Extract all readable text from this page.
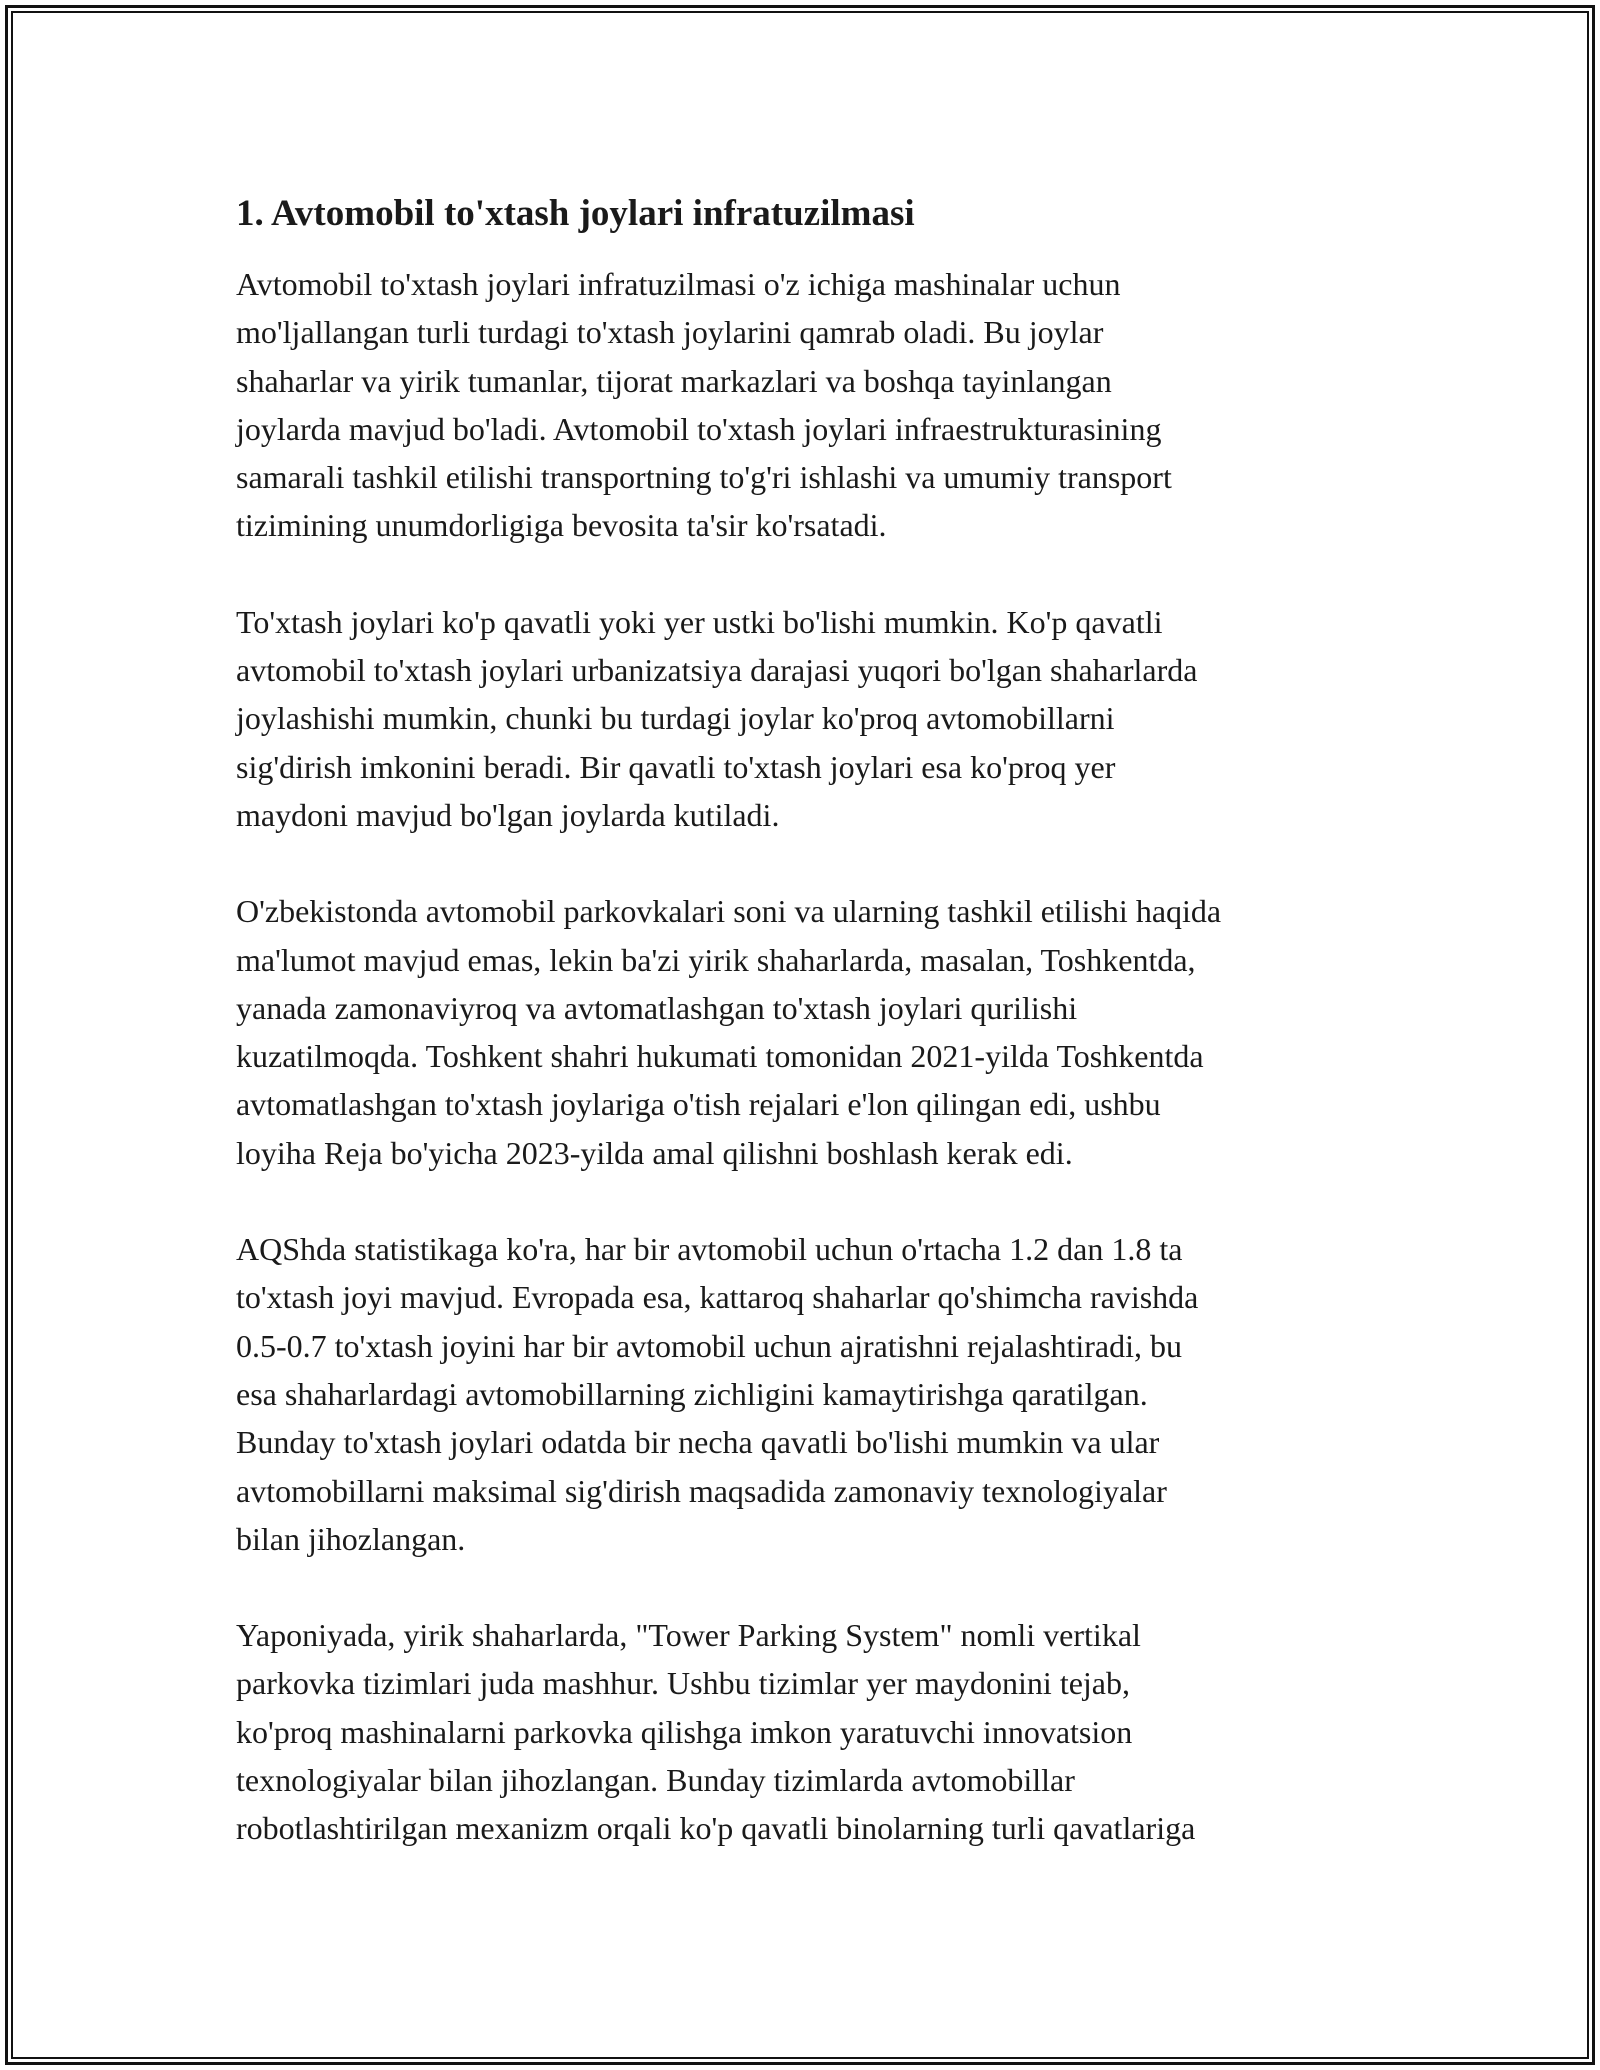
1. Avtomobil to'xtash joylari infratuzilmasi

Avtomobil to'xtash joylari infratuzilmasi o'z ichiga mashinalar uchun
mo'ljallangan turli turdagi to'xtash joylarini qamrab oladi. Bu joylar
shaharlar va yirik tumanlar, tijorat markazlari va boshqa tayinlangan
joylarda mavjud bo'ladi. Avtomobil to'xtash joylari infraestrukturasining
samarali tashkil etilishi transportning to'g'ri ishlashi va umumiy transport
tizimining unumdorligiga bevosita ta'sir ko'rsatadi.

To'xtash joylari ko'p qavatli yoki yer ustki bo'lishi mumkin. Ko'p qavatli
avtomobil to'xtash joylari urbanizatsiya darajasi yuqori bo'lgan shaharlarda
joylashishi mumkin, chunki bu turdagi joylar ko'proq avtomobillarni
sig'dirish imkonini beradi. Bir qavatli to'xtash joylari esa ko'proq yer
maydoni mavjud bo'lgan joylarda kutiladi.

O'zbekistonda avtomobil parkovkalari soni va ularning tashkil etilishi haqida
ma'lumot mavjud emas, lekin ba'zi yirik shaharlarda, masalan, Toshkentda,
yanada zamonaviyroq va avtomatlashgan to'xtash joylari qurilishi
kuzatilmoqda. Toshkent shahri hukumati tomonidan 2021-yilda Toshkentda
avtomatlashgan to'xtash joylariga o'tish rejalari e'lon qilingan edi, ushbu
loyiha Reja bo'yicha 2023-yilda amal qilishni boshlash kerak edi.

AQShda statistikaga ko'ra, har bir avtomobil uchun o'rtacha 1.2 dan 1.8 ta
to'xtash joyi mavjud. Evropada esa, kattaroq shaharlar qo'shimcha ravishda
0.5-0.7 to'xtash joyini har bir avtomobil uchun ajratishni rejalashtiradi, bu
esa shaharlardagi avtomobillarning zichligini kamaytirishga qaratilgan.
Bunday to'xtash joylari odatda bir necha qavatli bo'lishi mumkin va ular
avtomobillarni maksimal sig'dirish maqsadida zamonaviy texnologiyalar
bilan jihozlangan.

Yaponiyada, yirik shaharlarda, "Tower Parking System" nomli vertikal
parkovka tizimlari juda mashhur. Ushbu tizimlar yer maydonini tejab,
ko'proq mashinalarni parkovka qilishga imkon yaratuvchi innovatsion
texnologiyalar bilan jihozlangan. Bunday tizimlarda avtomobillar
robotlashtirilgan mexanizm orqali ko'p qavatli binolarning turli qavatlariga
